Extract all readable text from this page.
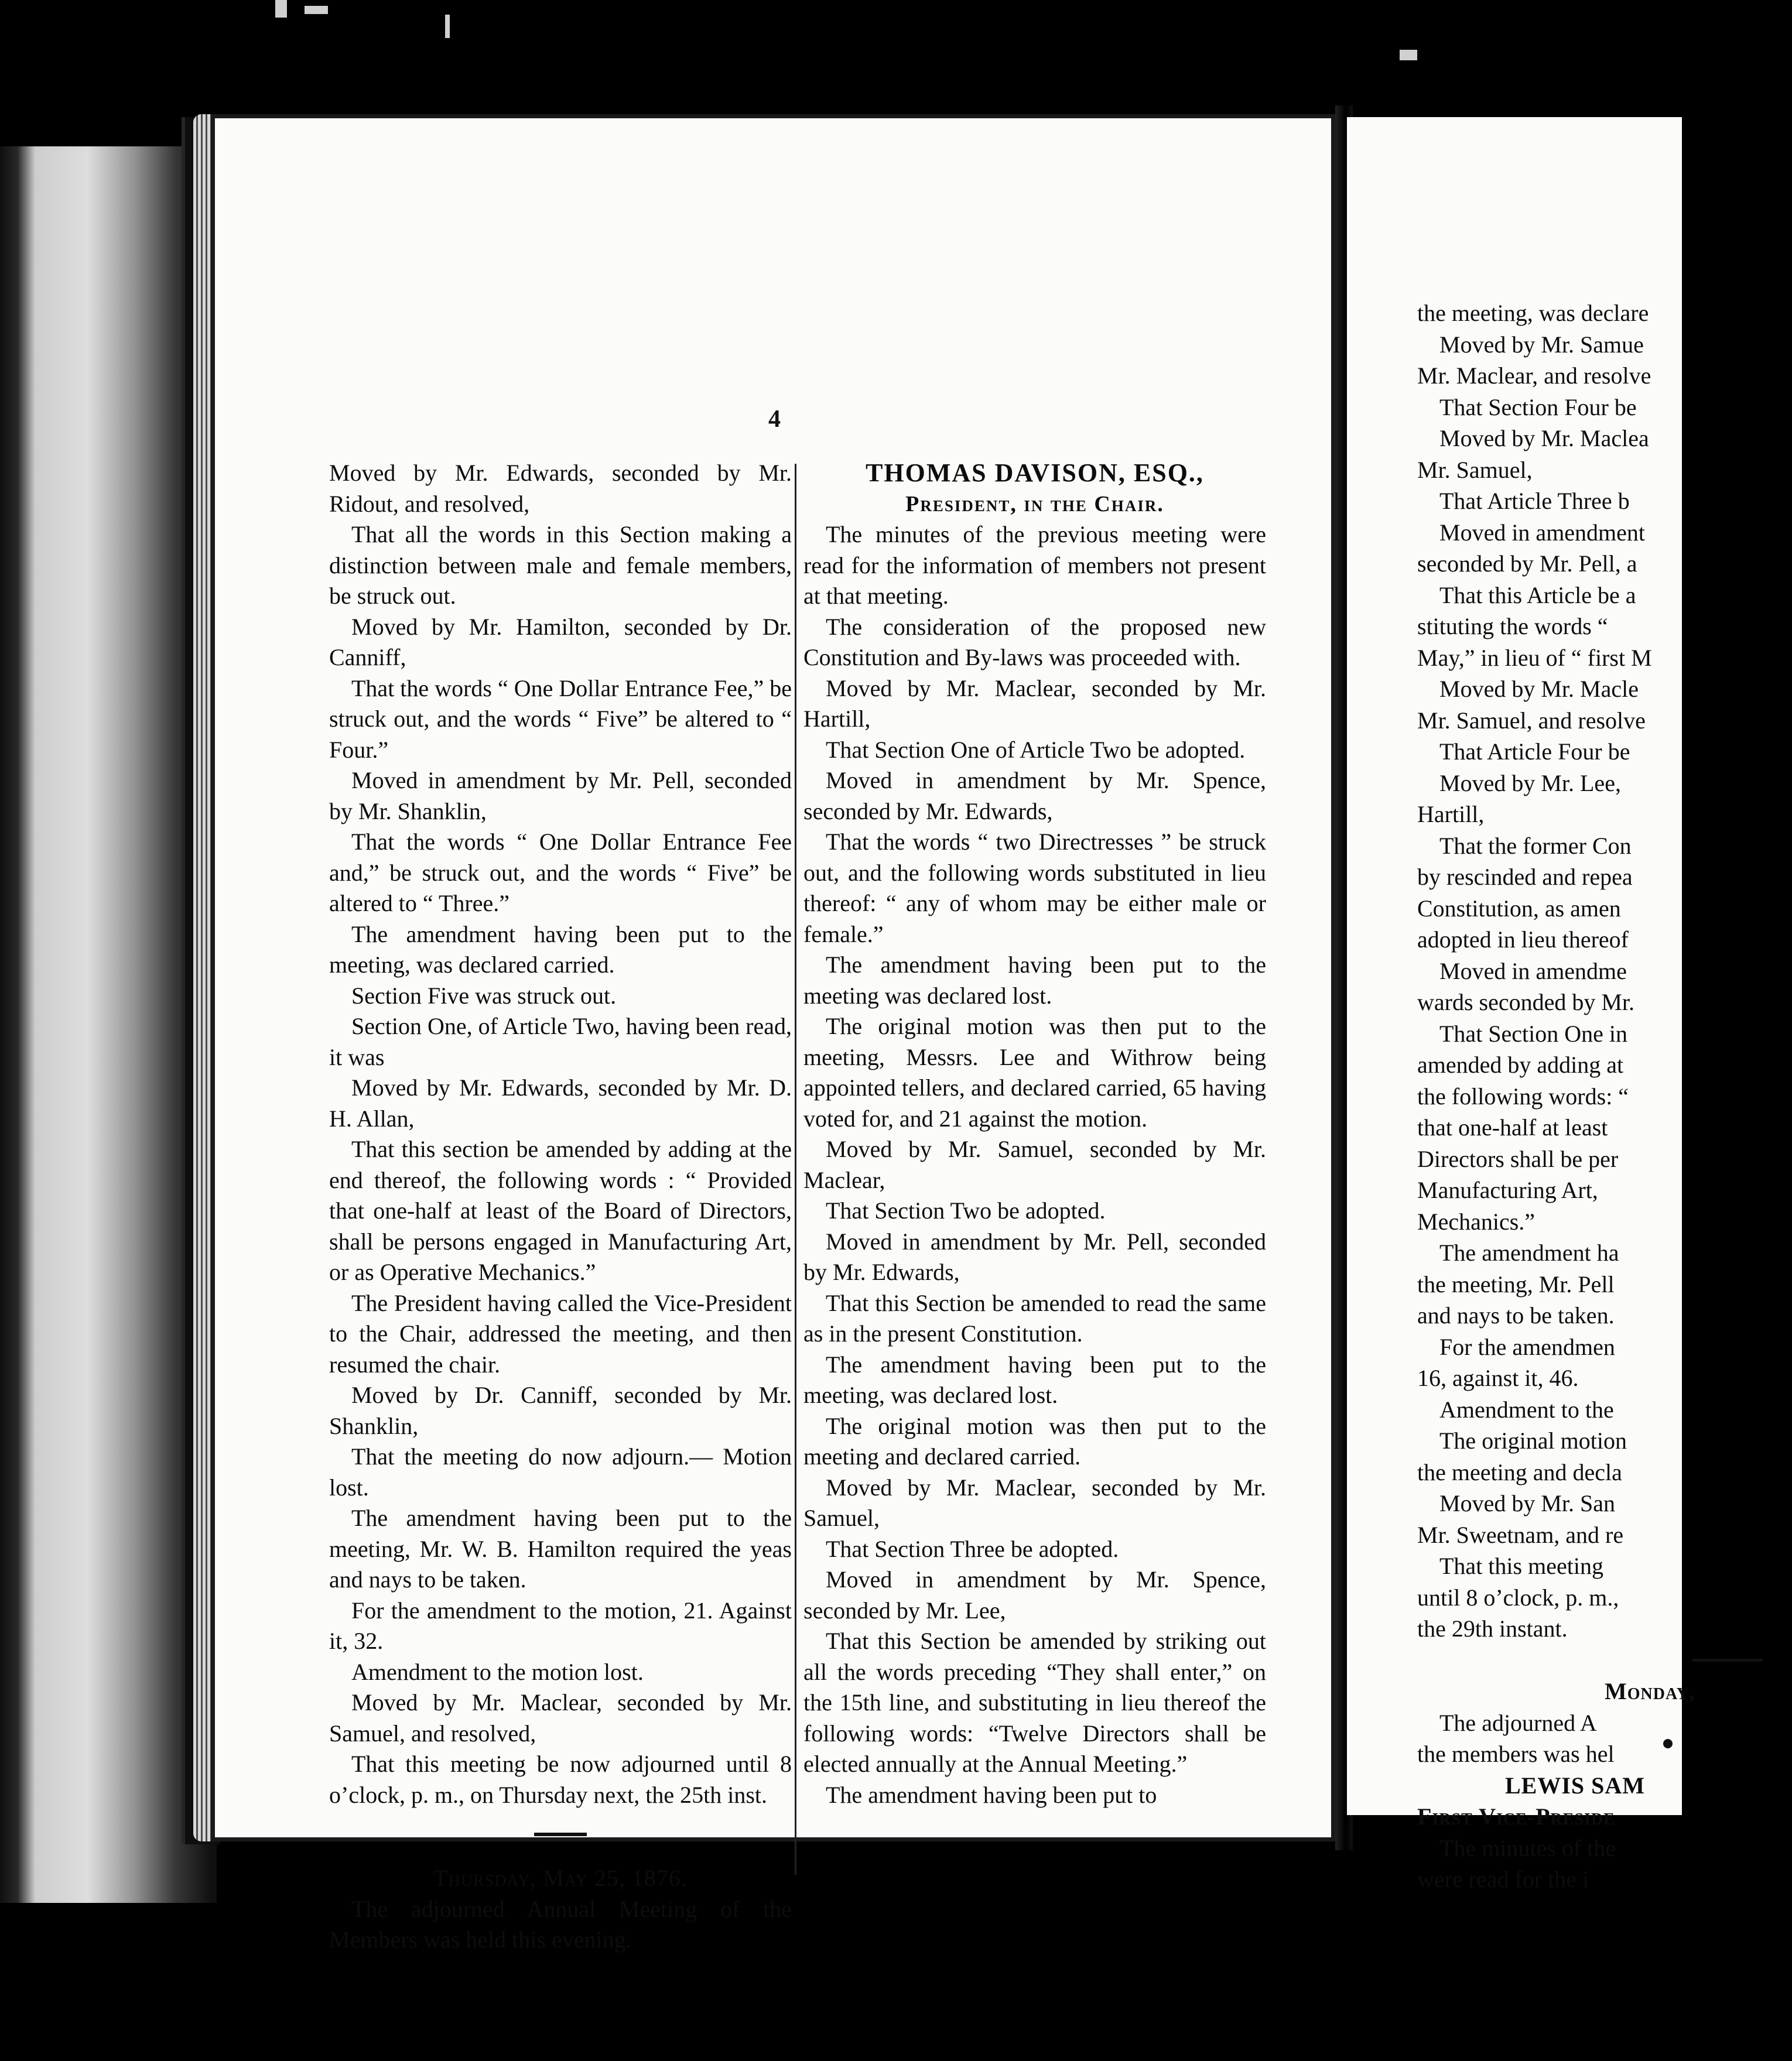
4

Moved by Mr. Edwards, seconded by Mr. Ridout, and resolved,

That all the words in this Section making a distinction between male and female members, be struck out.

Moved by Mr. Hamilton, seconded by Dr. Canniff,

That the words “ One Dollar Entrance Fee,” be struck out, and the words “ Five” be altered to “ Four.”

Moved in amendment by Mr. Pell, seconded by Mr. Shanklin,

That the words “ One Dollar Entrance Fee and,” be struck out, and the words “ Five” be altered to “ Three.”

The amendment having been put to the meeting, was declared carried.

Section Five was struck out.

Section One, of Article Two, having been read, it was

Moved by Mr. Edwards, seconded by Mr. D. H. Allan,

That this section be amended by adding at the end thereof, the following words : “ Provided that one-half at least of the Board of Directors, shall be persons engaged in Manufacturing Art, or as Operative Mechanics.”

The President having called the Vice-President to the Chair, addressed the meeting, and then resumed the chair.

Moved by Dr. Canniff, seconded by Mr. Shanklin,

That the meeting do now adjourn.— Motion lost.

The amendment having been put to the meeting, Mr. W. B. Hamilton required the yeas and nays to be taken.

For the amendment to the motion, 21. Against it, 32.

Amendment to the motion lost.

Moved by Mr. Maclear, seconded by Mr. Samuel, and resolved,

That this meeting be now adjourned until 8 o’clock, p. m., on Thursday next, the 25th inst.

Thursday, May 25, 1876.

The adjourned Annual Meeting of the Members was held this evening.

THOMAS DAVISON, ESQ.,

President, in the Chair.

The minutes of the previous meeting were read for the information of members not present at that meeting.

The consideration of the proposed new Constitution and By-laws was proceeded with.

Moved by Mr. Maclear, seconded by Mr. Hartill,

That Section One of Article Two be adopted.

Moved in amendment by Mr. Spence, seconded by Mr. Edwards,

That the words “ two Directresses ” be struck out, and the following words substituted in lieu thereof: “ any of whom may be either male or female.”

The amendment having been put to the meeting was declared lost.

The original motion was then put to the meeting, Messrs. Lee and Withrow being appointed tellers, and declared carried, 65 having voted for, and 21 against the motion.

Moved by Mr. Samuel, seconded by Mr. Maclear,

That Section Two be adopted.

Moved in amendment by Mr. Pell, seconded by Mr. Edwards,

That this Section be amended to read the same as in the present Constitution.

The amendment having been put to the meeting, was declared lost.

The original motion was then put to the meeting and declared carried.

Moved by Mr. Maclear, seconded by Mr. Samuel,

That Section Three be adopted.

Moved in amendment by Mr. Spence, seconded by Mr. Lee,

That this Section be amended by striking out all the words preceding “They shall enter,” on the 15th line, and substituting in lieu thereof the following words: “Twelve Directors shall be elected annually at the Annual Meeting.”

The amendment having been put to

the meeting, was declare
Moved by Mr. Samue
Mr. Maclear, and resolve
That Section Four be
Moved by Mr. Maclea
Mr. Samuel,
That Article Three b
Moved in amendment
seconded by Mr. Pell, a
That this Article be a
stituting the words “
May,” in lieu of “ first M
Moved by Mr. Macle
Mr. Samuel, and resolve
That Article Four be
Moved by Mr. Lee,
Hartill,
That the former Con
by rescinded and repea
Constitution, as amen
adopted in lieu thereof
Moved in amendme
wards seconded by Mr.
That Section One in
amended by adding at
the following words: “
that one-half at least
Directors shall be per
Manufacturing Art,
Mechanics.”
The amendment ha
the meeting, Mr. Pell
and nays to be taken.
For the amendmen
16, against it, 46.
Amendment to the
The original motion
the meeting and decla
Moved by Mr. San
Mr. Sweetnam, and re
That this meeting
until 8 o’clock, p. m.,
the 29th instant.
Monday,
The adjourned A
the members was hel
LEWIS SAM
First Vice-Preside
The minutes of the
were read for the i
